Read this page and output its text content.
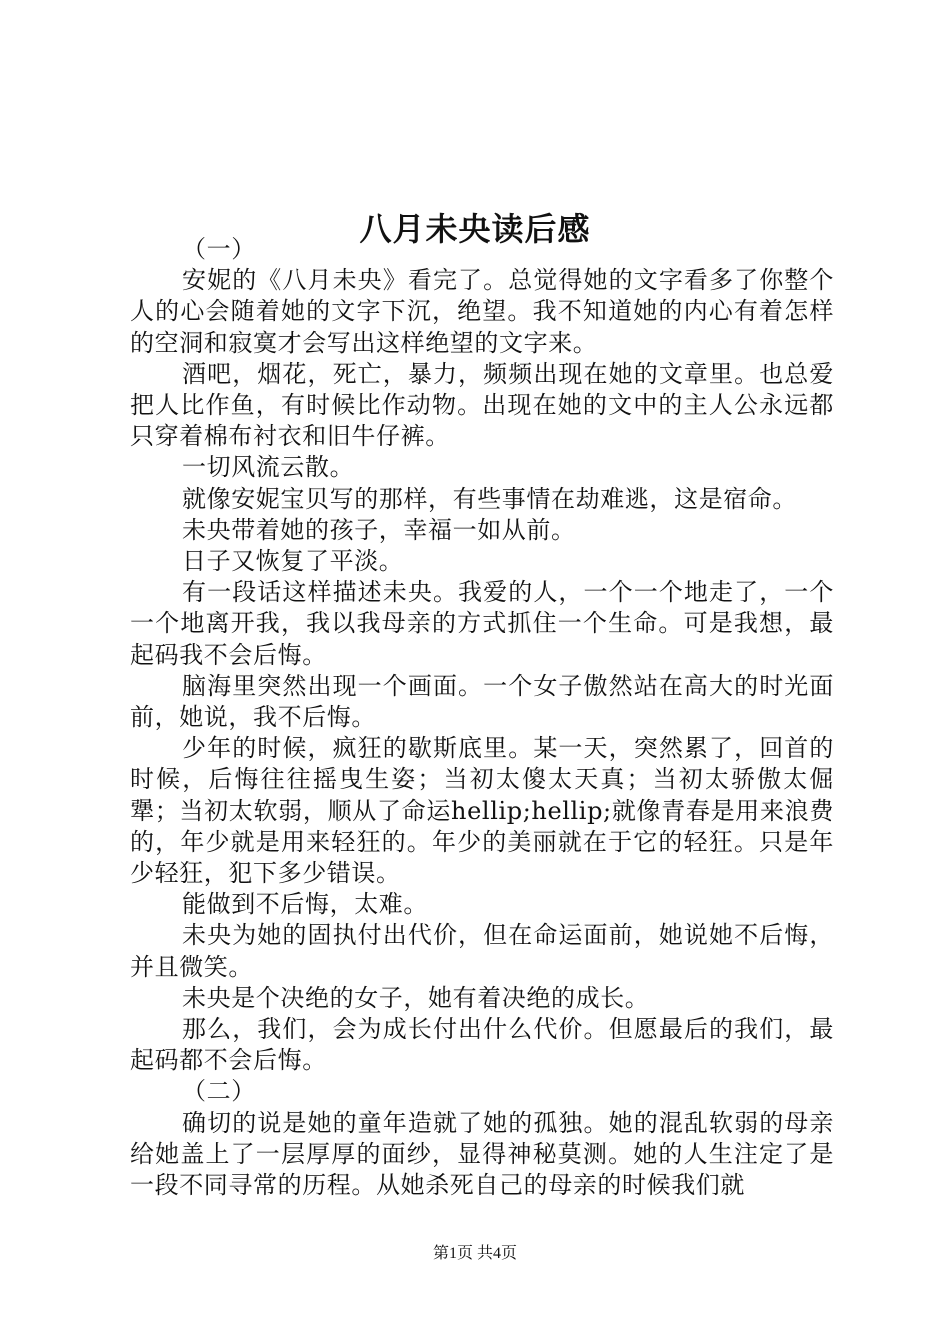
八月未央读后感

（一）

安妮的《八月未央》看完了。总觉得她的文字看多了你整个人的心会随着她的文字下沉，绝望。我不知道她的内心有着怎样的空洞和寂寞才会写出这样绝望的文字来。

酒吧，烟花，死亡，暴力，频频出现在她的文章里。也总爱把人比作鱼，有时候比作动物。出现在她的文中的主人公永远都只穿着棉布衬衣和旧牛仔裤。

一切风流云散。

就像安妮宝贝写的那样，有些事情在劫难逃，这是宿命。

未央带着她的孩子，幸福一如从前。

日子又恢复了平淡。

有一段话这样描述未央。我爱的人，一个一个地走了，一个一个地离开我，我以我母亲的方式抓住一个生命。可是我想，最起码我不会后悔。

脑海里突然出现一个画面。一个女子傲然站在高大的时光面前，她说，我不后悔。

少年的时候，疯狂的歇斯底里。某一天，突然累了，回首的时候，后悔往往摇曳生姿；当初太傻太天真；当初太骄傲太倔犟；当初太软弱，顺从了命运hellip;hellip;就像青春是用来浪费的，年少就是用来轻狂的。年少的美丽就在于它的轻狂。只是年少轻狂，犯下多少错误。

能做到不后悔，太难。

未央为她的固执付出代价，但在命运面前，她说她不后悔，并且微笑。

未央是个决绝的女子，她有着决绝的成长。

那么，我们，会为成长付出什么代价。但愿最后的我们，最起码都不会后悔。

（二）

确切的说是她的童年造就了她的孤独。她的混乱软弱的母亲给她盖上了一层厚厚的面纱，显得神秘莫测。她的人生注定了是一段不同寻常的历程。从她杀死自己的母亲的时候我们就

第1页 共4页
